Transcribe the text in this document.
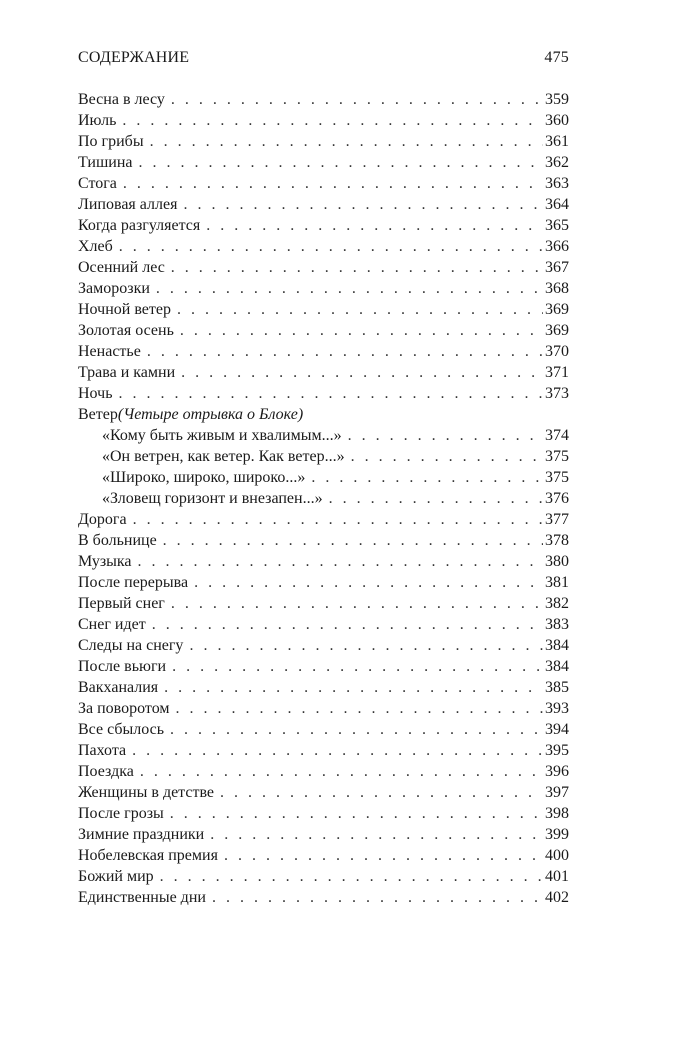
СОДЕРЖАНИЕ	475
Весна в лесу . . .	359
Июль . . .	360
По грибы . . .	361
Тишина . . .	362
Стога . . .	363
Липовая аллея . . .	364
Когда разгуляется . . .	365
Хлеб . . .	366
Осенний лес . . .	367
Заморозки . . .	368
Ночной ветер . . .	369
Золотая осень . . .	369
Ненастье . . .	370
Трава и камни . . .	371
Ночь . . .	373
Ветер (Четыре отрывка о Блоке)
«Кому быть живым и хвалимым...» . . .	374
«Он ветрен, как ветер. Как ветер...» . . .	375
«Широко, широко, широко...» . . .	375
«Зловещ горизонт и внезапен...» . . .	376
Дорога . . .	377
В больнице . . .	378
Музыка . . .	380
После перерыва . . .	381
Первый снег . . .	382
Снег идет . . .	383
Следы на снегу . . .	384
После вьюги . . .	384
Вакханалия . . .	385
За поворотом . . .	393
Все сбылось . . .	394
Пахота . . .	395
Поездка . . .	396
Женщины в детстве . . .	397
После грозы . . .	398
Зимние праздники . . .	399
Нобелевская премия . . .	400
Божий мир . . .	401
Единственные дни . . .	402
